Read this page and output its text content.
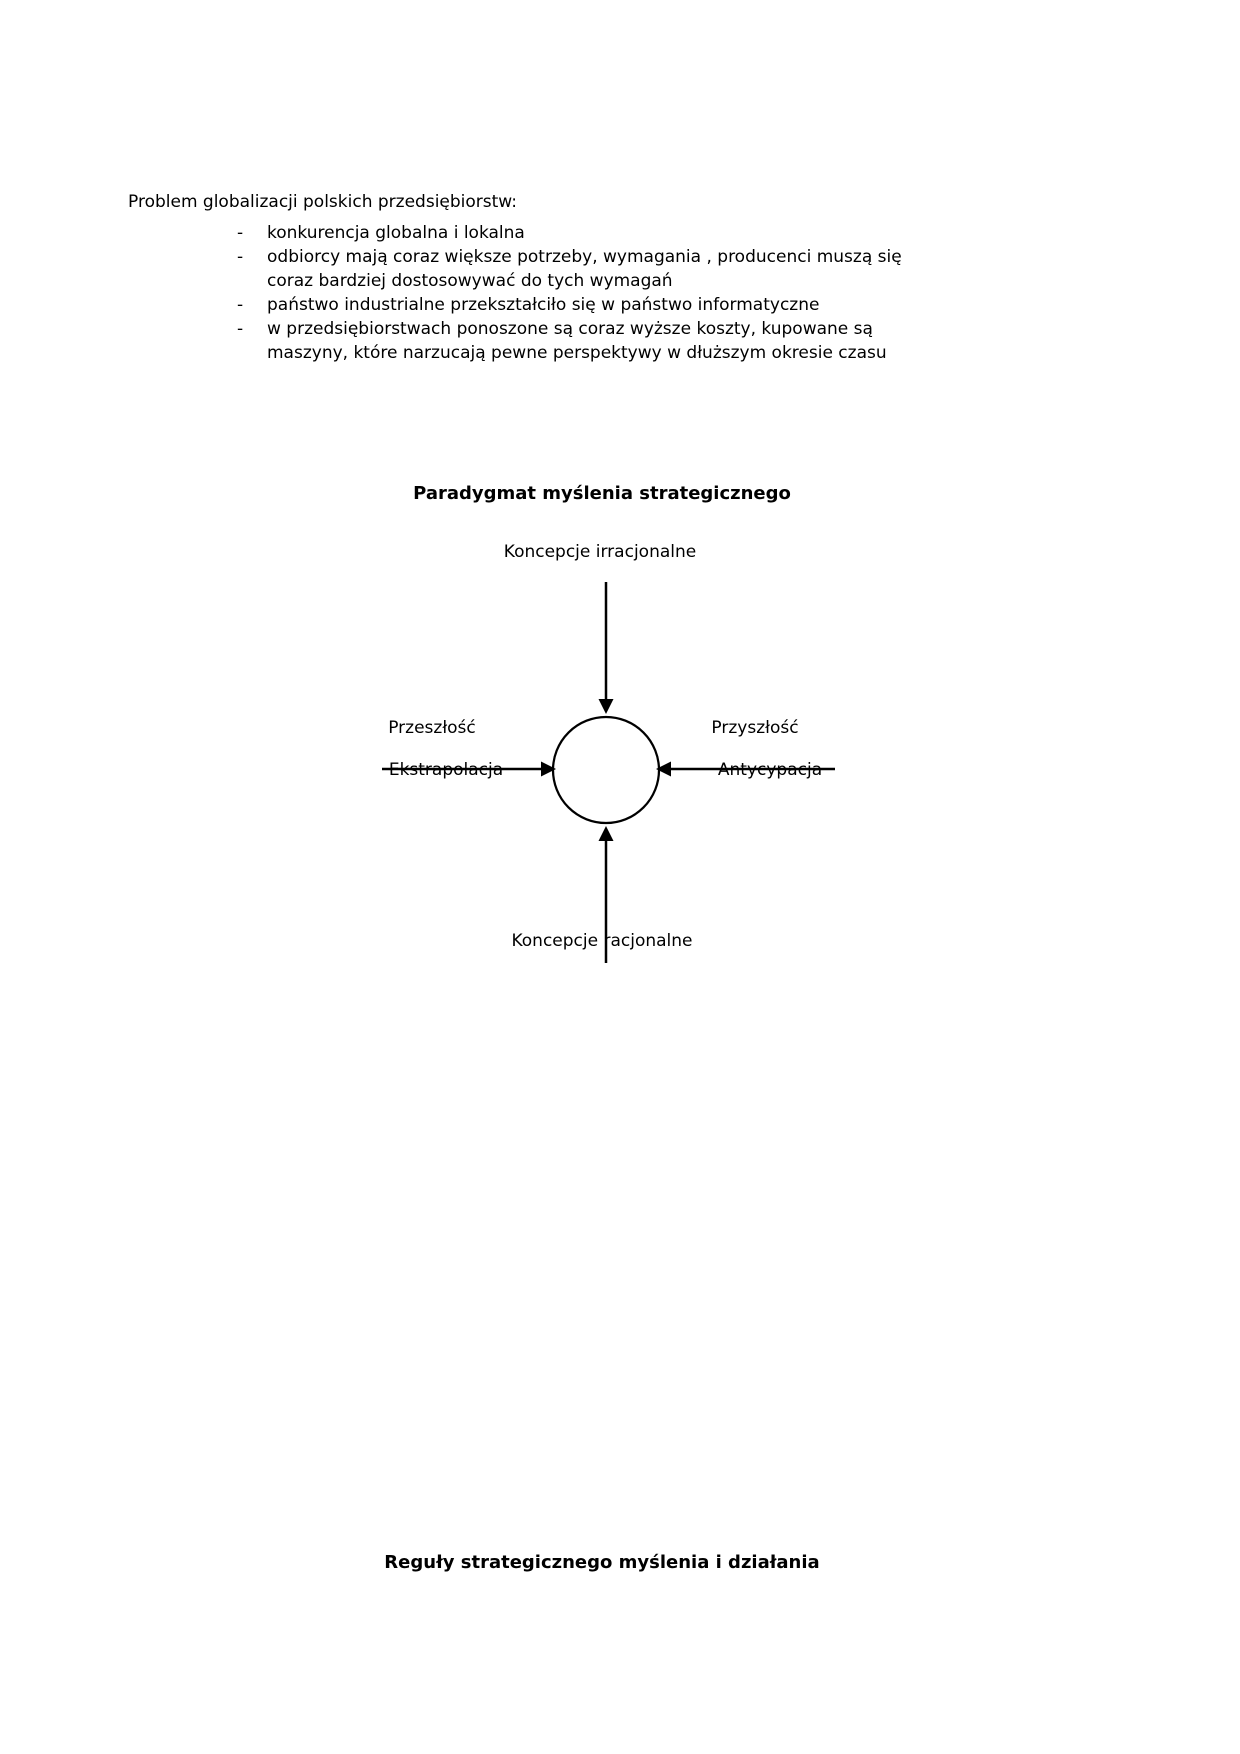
Problem globalizacji polskich przedsiębiorstw:

-	konkurencja globalna i lokalna
-	odbiorcy mają coraz większe potrzeby, wymagania , producenci muszą się
coraz bardziej dostosowywać do tych wymagań
-	państwo industrialne przekształciło się w państwo informatyczne
-	w przedsiębiorstwach ponoszone są coraz wyższe koszty, kupowane są
maszyny, które narzucają pewne perspektywy w dłuższym okresie czasu
Paradygmat myślenia strategicznego
Koncepcje irracjonalne
Przeszłość	Przyszłość
Ekstrapolacja	Antycypacja
Koncepcje racjonalne
Reguły strategicznego myślenia i działania
